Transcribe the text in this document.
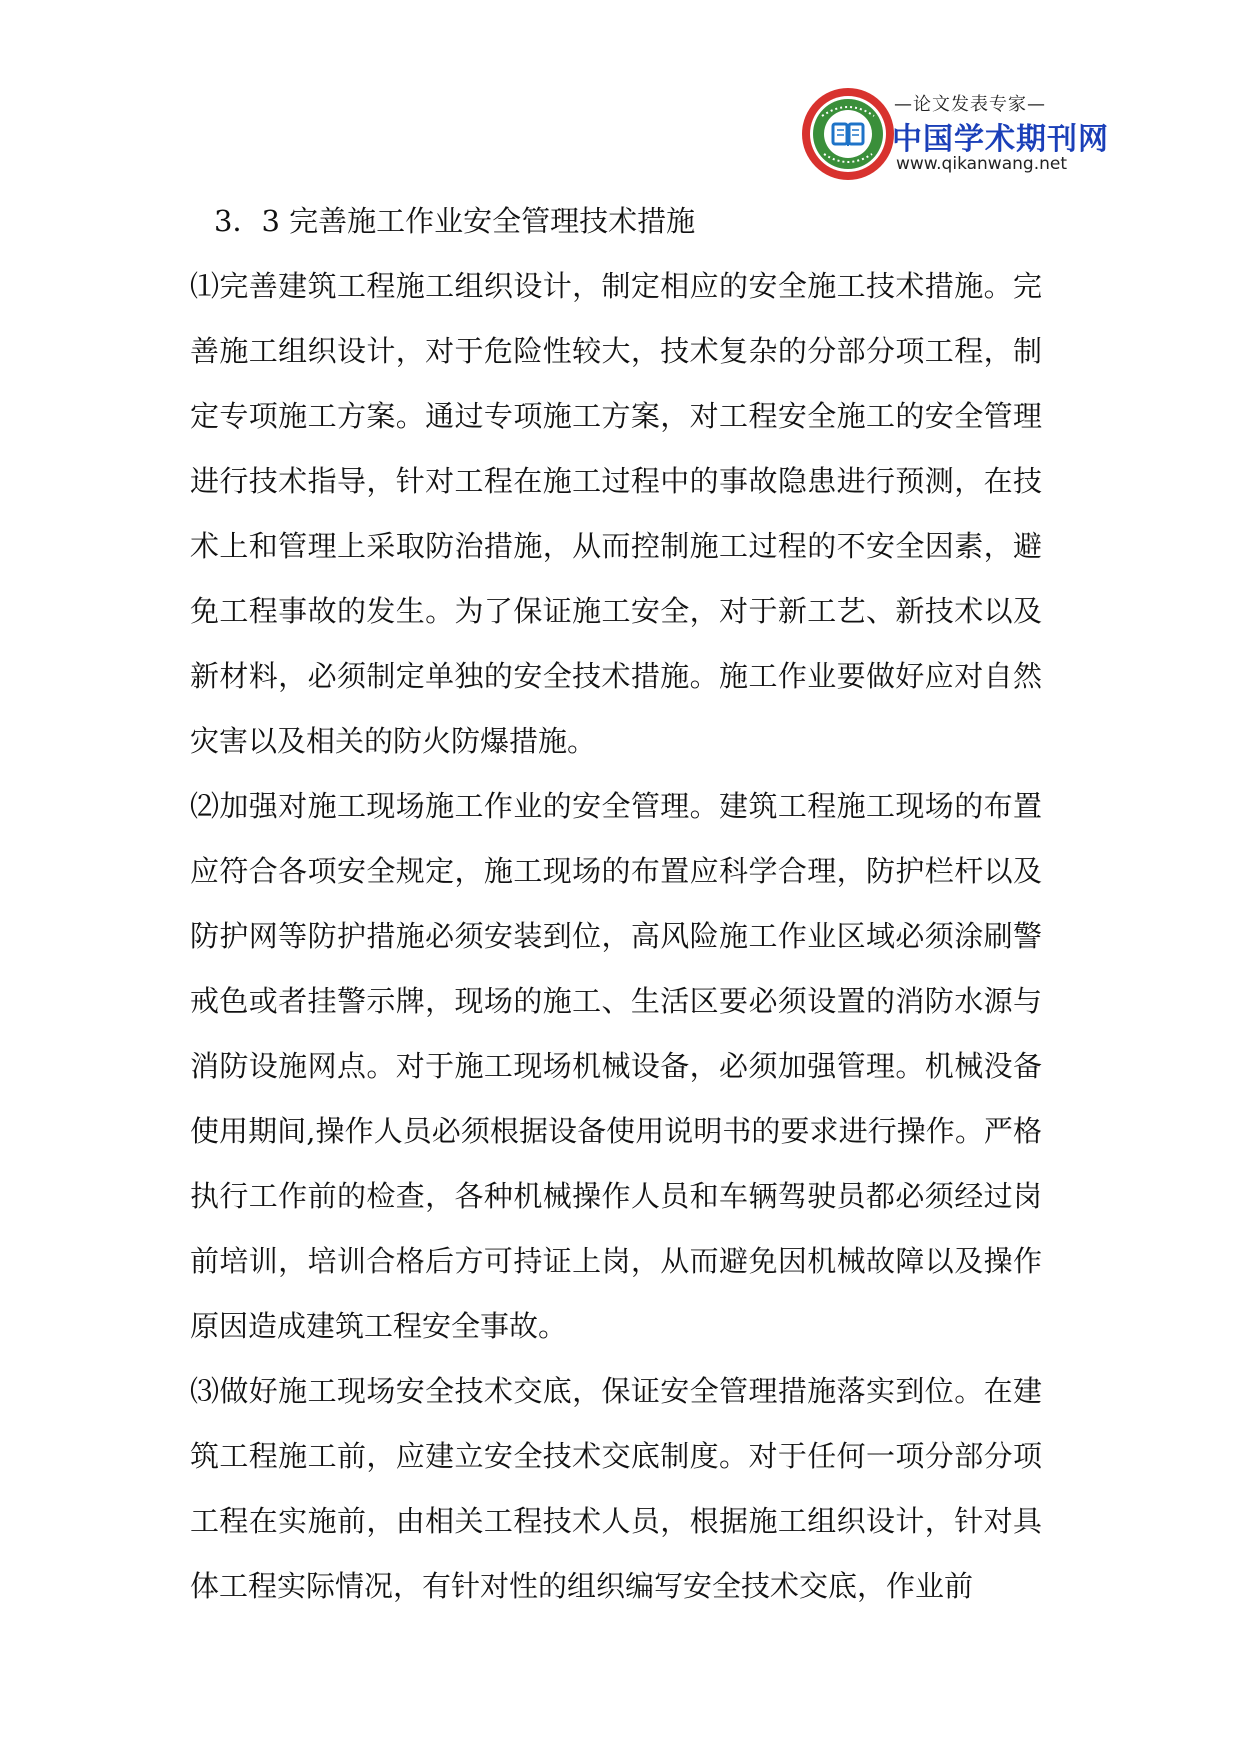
—论文发表专家—
中国学术期刊网
www.qikanwang.net

3．3 完善施工作业安全管理技术措施

⑴完善建筑工程施工组织设计，制定相应的安全施工技术措施。完善施工组织设计，对于危险性较大，技术复杂的分部分项工程，制定专项施工方案。通过专项施工方案，对工程安全施工的安全管理进行技术指导，针对工程在施工过程中的事故隐患进行预测，在技术上和管理上采取防治措施，从而控制施工过程的不安全因素，避免工程事故的发生。为了保证施工安全，对于新工艺、新技术以及新材料，必须制定单独的安全技术措施。施工作业要做好应对自然灾害以及相关的防火防爆措施。

⑵加强对施工现场施工作业的安全管理。建筑工程施工现场的布置应符合各项安全规定，施工现场的布置应科学合理，防护栏杆以及防护网等防护措施必须安装到位，高风险施工作业区域必须涂刷警戒色或者挂警示牌，现场的施工、生活区要必须设置的消防水源与消防设施网点。对于施工现场机械设备，必须加强管理。机械没备使用期间,操作人员必须根据设备使用说明书的要求进行操作。严格执行工作前的检查，各种机械操作人员和车辆驾驶员都必须经过岗前培训，培训合格后方可持证上岗，从而避免因机械故障以及操作原因造成建筑工程安全事故。

⑶做好施工现场安全技术交底，保证安全管理措施落实到位。在建筑工程施工前，应建立安全技术交底制度。对于任何一项分部分项工程在实施前，由相关工程技术人员，根据施工组织设计，针对具体工程实际情况，有针对性的组织编写安全技术交底，作业前
